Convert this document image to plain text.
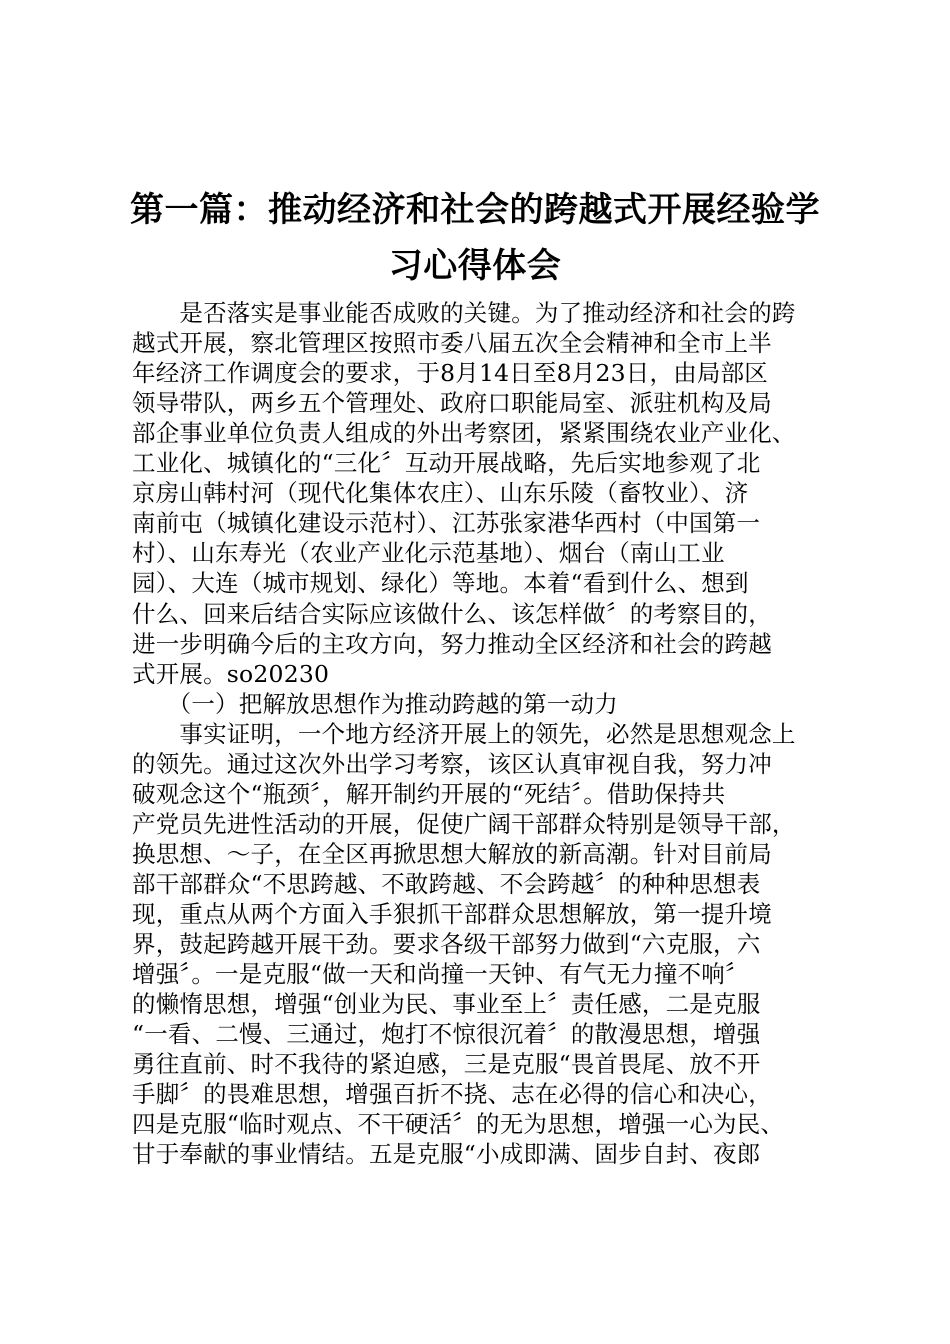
第一篇：推动经济和社会的跨越式开展经验学
习心得体会
　　是否落实是事业能否成败的关键。为了推动经济和社会的跨
越式开展，察北管理区按照市委八届五次全会精神和全市上半
年经济工作调度会的要求，于8月14日至8月23日，由局部区
领导带队，两乡五个管理处、政府口职能局室、派驻机构及局
部企事业单位负责人组成的外出考察团，紧紧围绕农业产业化、
工业化、城镇化的“三化〞互动开展战略，先后实地参观了北
京房山韩村河（现代化集体农庄）、山东乐陵（畜牧业）、济
南前屯（城镇化建设示范村）、江苏张家港华西村（中国第一
村）、山东寿光（农业产业化示范基地）、烟台（南山工业
园）、大连（城市规划、绿化）等地。本着“看到什么、想到
什么、回来后结合实际应该做什么、该怎样做〞的考察目的，
进一步明确今后的主攻方向，努力推动全区经济和社会的跨越
式开展。so20230
　　（一）把解放思想作为推动跨越的第一动力
　　事实证明，一个地方经济开展上的领先，必然是思想观念上
的领先。通过这次外出学习考察，该区认真审视自我，努力冲
破观念这个“瓶颈〞，解开制约开展的“死结〞。借助保持共
产党员先进性活动的开展，促使广阔干部群众特别是领导干部，
换思想、～子，在全区再掀思想大解放的新高潮。针对目前局
部干部群众“不思跨越、不敢跨越、不会跨越〞的种种思想表
现，重点从两个方面入手狠抓干部群众思想解放，第一提升境
界，鼓起跨越开展干劲。要求各级干部努力做到“六克服，六
增强〞。一是克服“做一天和尚撞一天钟、有气无力撞不响〞
的懒惰思想，增强“创业为民、事业至上〞责任感，二是克服
“一看、二慢、三通过，炮打不惊很沉着〞的散漫思想，增强
勇往直前、时不我待的紧迫感，三是克服“畏首畏尾、放不开
手脚〞的畏难思想，增强百折不挠、志在必得的信心和决心，
四是克服“临时观点、不干硬活〞的无为思想，增强一心为民、
甘于奉献的事业情结。五是克服“小成即满、固步自封、夜郎
